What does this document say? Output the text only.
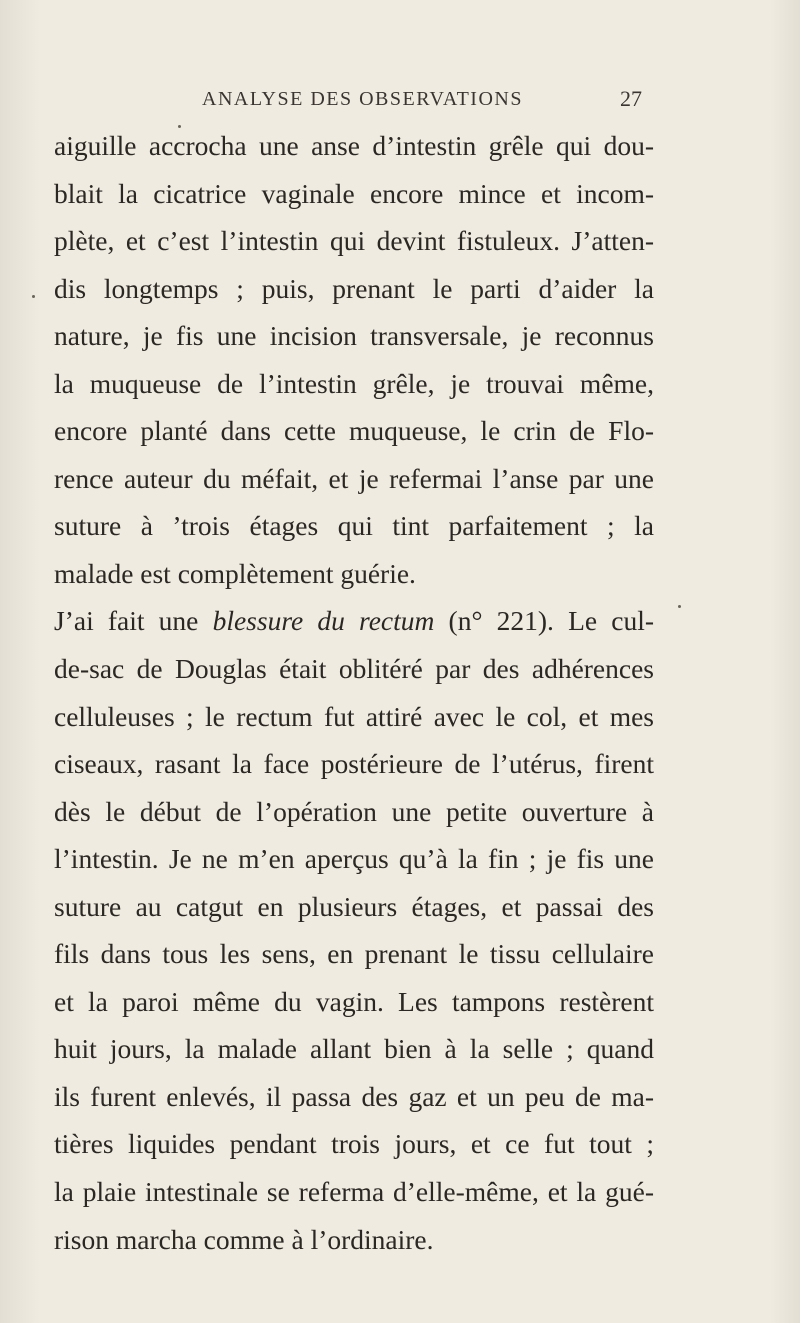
ANALYSE DES OBSERVATIONS	27
aiguille accrocha une anse d’intestin grêle qui dou-
blait la cicatrice vaginale encore mince et incom-
plète, et c’est l’intestin qui devint fistuleux. J’atten-
dis longtemps ; puis, prenant le parti d’aider la
nature, je fis une incision transversale, je reconnus
la muqueuse de l’intestin grêle, je trouvai même,
encore planté dans cette muqueuse, le crin de Flo-
rence auteur du méfait, et je refermai l’anse par une
suture à ’trois étages qui tint parfaitement ; la
malade est complètement guérie.
J’ai fait une blessure du rectum (n° 221). Le cul-
de-sac de Douglas était oblitéré par des adhérences
celluleuses ; le rectum fut attiré avec le col, et mes
ciseaux, rasant la face postérieure de l’utérus, firent
dès le début de l’opération une petite ouverture à
l’intestin. Je ne m’en aperçus qu’à la fin ; je fis une
suture au catgut en plusieurs étages, et passai des
fils dans tous les sens, en prenant le tissu cellulaire
et la paroi même du vagin. Les tampons restèrent
huit jours, la malade allant bien à la selle ; quand
ils furent enlevés, il passa des gaz et un peu de ma-
tières liquides pendant trois jours, et ce fut tout ;
la plaie intestinale se referma d’elle-même, et la gué-
rison marcha comme à l’ordinaire.
